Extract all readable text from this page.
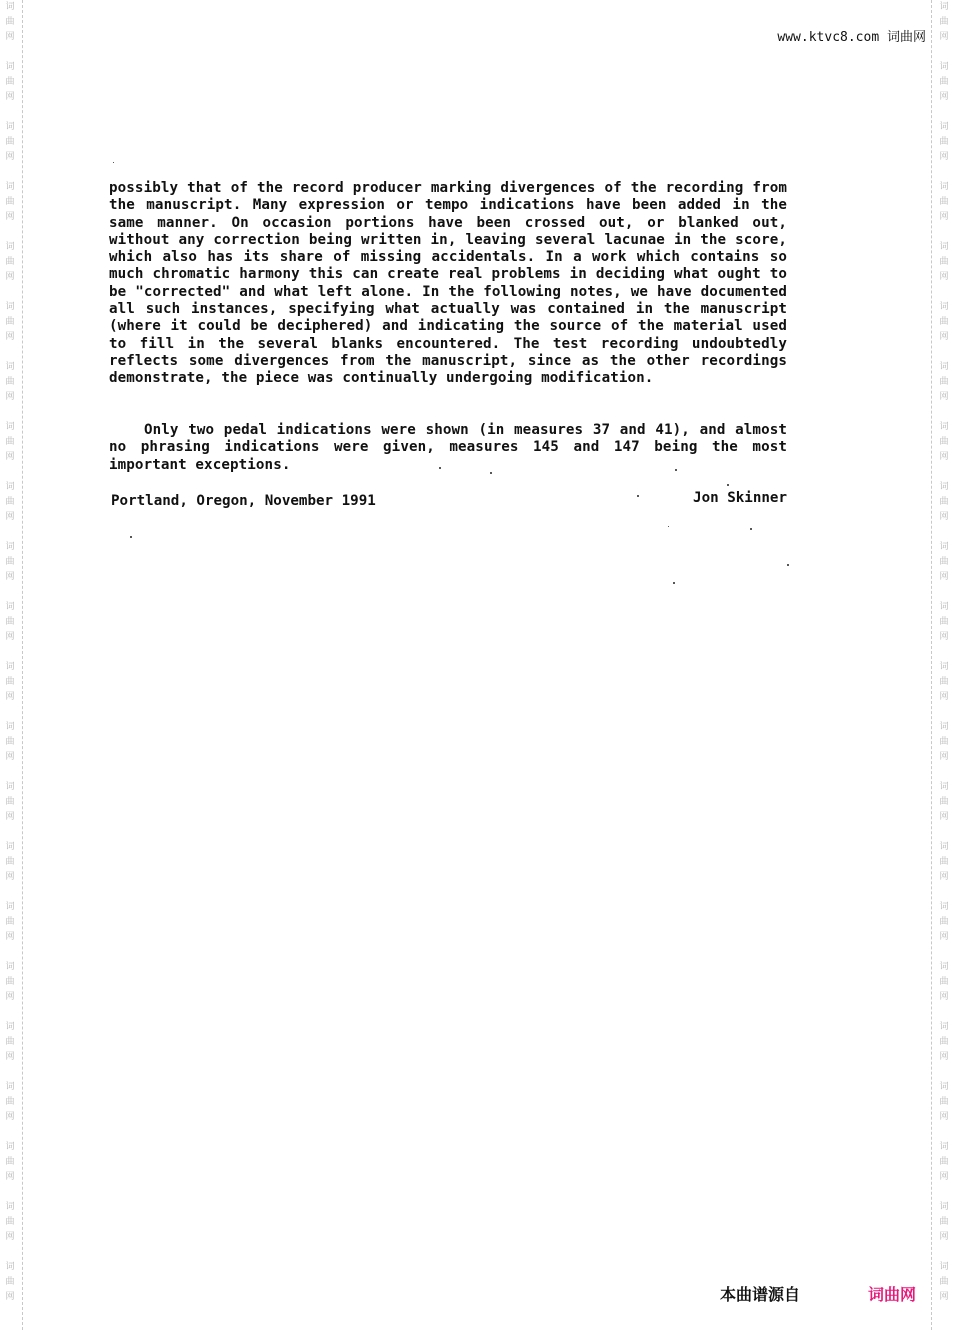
词
曲
网
词
曲
网
词
曲
网
词
曲
网
词
曲
网
词
曲
网
词
曲
网
词
曲
网
词
曲
网
词
曲
网
词
曲
网
词
曲
网
词
曲
网
词
曲
网
词
曲
网
词
曲
网
词
曲
网
词
曲
网
词
曲
网
词
曲
网
词
曲
网
词
曲
网
词
曲
网
词
曲
网
词
曲
网
词
曲
网
词
曲
网
词
曲
网
词
曲
网
词
曲
网
词
曲
网
词
曲
网
词
曲
网
词
曲
网
词
曲
网
词
曲
网
词
曲
网
词
曲
网
词
曲
网
词
曲
网
词
曲
网
词
曲
网
词
曲
网
词
曲
网
www.ktvc8.com 词曲网

possibly that of the record producer marking divergences of the recording from the manuscript. Many expression or tempo indications have been added in the same manner. On occasion portions have been crossed out, or blanked out, without any correction being written in, leaving several lacunae in the score, which also has its share of missing accidentals. In a work which contains so much chromatic harmony this can create real problems in deciding what ought to be "corrected" and what left alone. In the following notes, we have documented all such instances, specifying what actually was contained in the manuscript (where it could be deciphered) and indicating the source of the material used to fill in the several blanks encountered. The test recording undoubtedly reflects some divergences from the manuscript, since as the other recordings demonstrate, the piece was continually undergoing modification.

Only two pedal indications were shown (in measures 37 and 41), and almost no phrasing indications were given, measures 145 and 147 being the most important exceptions.

Portland, Oregon, November 1991	Jon Skinner
本曲谱源自	词曲网
